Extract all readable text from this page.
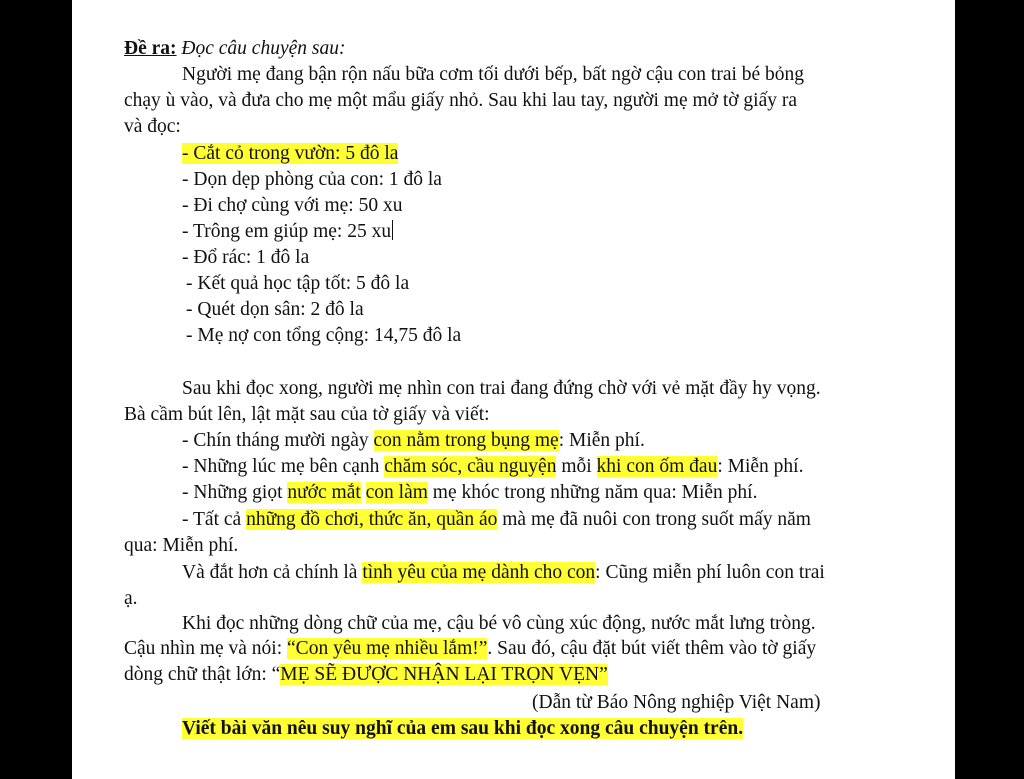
Đề ra: Đọc câu chuyện sau:
Người mẹ đang bận rộn nấu bữa cơm tối dưới bếp, bất ngờ cậu con trai bé bỏng
chạy ù vào, và đưa cho mẹ một mẩu giấy nhỏ. Sau khi lau tay, người mẹ mở tờ giấy ra
và đọc:
- Cắt cỏ trong vườn: 5 đô la
- Dọn dẹp phòng của con: 1 đô la
- Đi chợ cùng với mẹ: 50 xu
- Trông em giúp mẹ: 25 xu
- Đổ rác: 1 đô la
- Kết quả học tập tốt: 5 đô la
- Quét dọn sân: 2 đô la
- Mẹ nợ con tổng cộng: 14,75 đô la
Sau khi đọc xong, người mẹ nhìn con trai đang đứng chờ với vẻ mặt đầy hy vọng.
Bà cầm bút lên, lật mặt sau của tờ giấy và viết:
- Chín tháng mười ngày con nằm trong bụng mẹ: Miễn phí.
- Những lúc mẹ bên cạnh chăm sóc, cầu nguyện mỗi khi con ốm đau: Miễn phí.
- Những giọt nước mắt con làm mẹ khóc trong những năm qua: Miễn phí.
- Tất cả những đồ chơi, thức ăn, quần áo mà mẹ đã nuôi con trong suốt mấy năm
qua: Miễn phí.
Và đắt hơn cả chính là tình yêu của mẹ dành cho con: Cũng miễn phí luôn con trai
ạ.
Khi đọc những dòng chữ của mẹ, cậu bé vô cùng xúc động, nước mắt lưng tròng.
Cậu nhìn mẹ và nói: “Con yêu mẹ nhiều lắm!”. Sau đó, cậu đặt bút viết thêm vào tờ giấy
dòng chữ thật lớn: “MẸ SẼ ĐƯỢC NHẬN LẠI TRỌN VẸN”
(Dẫn từ Báo Nông nghiệp Việt Nam)
Viết bài văn nêu suy nghĩ của em sau khi đọc xong câu chuyện trên.
